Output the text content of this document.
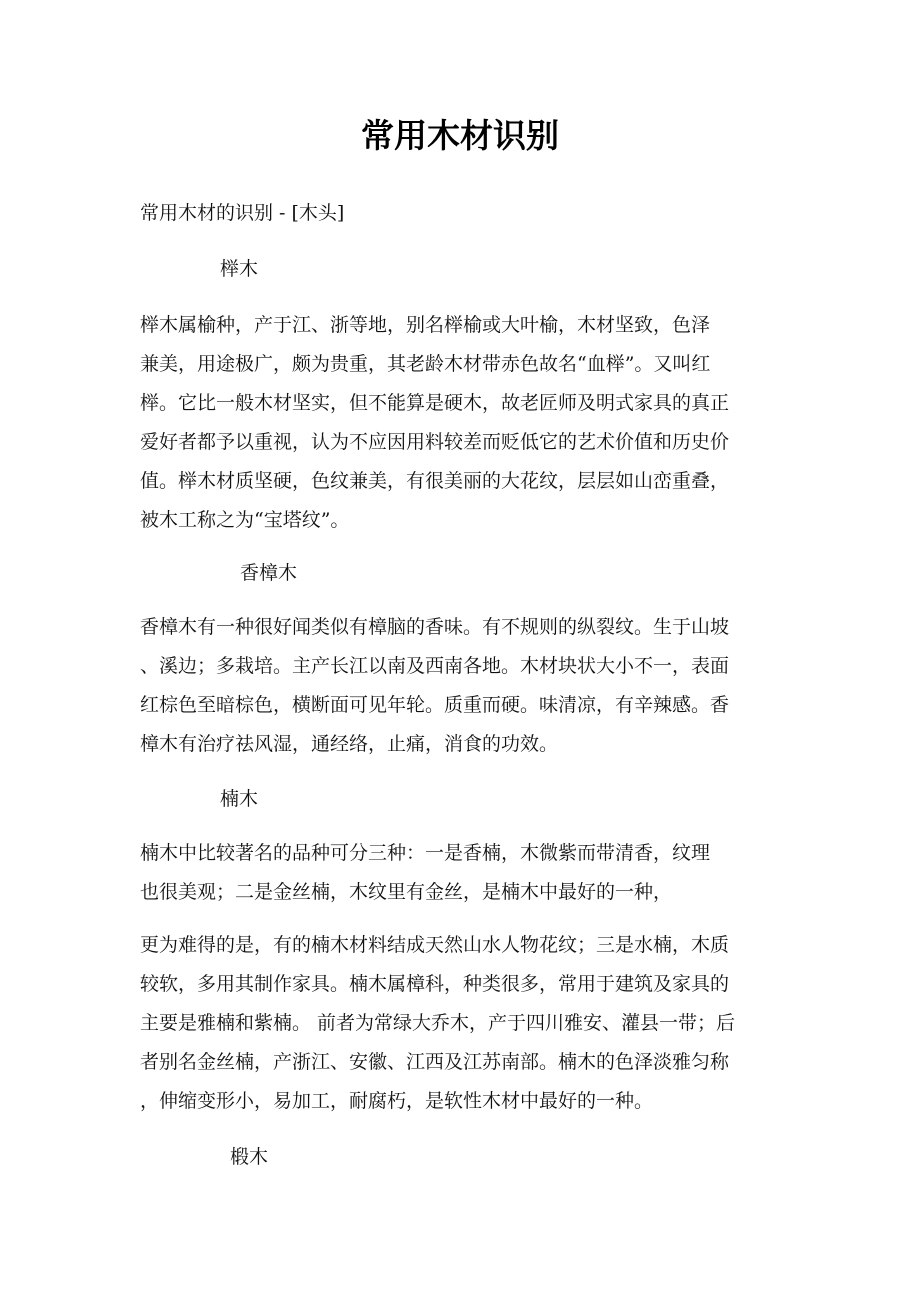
常用木材识别
常用木材的识别 - [木头]
榉木
榉木属榆种，产于江、浙等地，别名榉榆或大叶榆，木材坚致，色泽
兼美，用途极广，颇为贵重，其老龄木材带赤色故名“血榉”。又叫红
榉。它比一般木材坚实，但不能算是硬木，故老匠师及明式家具的真正
爱好者都予以重视，认为不应因用料较差而贬低它的艺术价值和历史价
值。榉木材质坚硬，色纹兼美，有很美丽的大花纹，层层如山峦重叠，
被木工称之为“宝塔纹”。
香樟木
香樟木有一种很好闻类似有樟脑的香味。有不规则的纵裂纹。生于山坡
、溪边；多栽培。主产长江以南及西南各地。木材块状大小不一，表面
红棕色至暗棕色，横断面可见年轮。质重而硬。味清凉，有辛辣感。香
樟木有治疗祛风湿，通经络，止痛，消食的功效。
楠木
楠木中比较著名的品种可分三种：一是香楠，木微紫而带清香，纹理
也很美观；二是金丝楠，木纹里有金丝，是楠木中最好的一种，
更为难得的是，有的楠木材料结成天然山水人物花纹；三是水楠，木质
较软，多用其制作家具。楠木属樟科，种类很多，常用于建筑及家具的
主要是雅楠和紫楠。 前者为常绿大乔木，产于四川雅安、灌县一带；后
者别名金丝楠，产浙江、安徽、江西及江苏南部。楠木的色泽淡雅匀称
，伸缩变形小，易加工，耐腐朽，是软性木材中最好的一种。
椴木
